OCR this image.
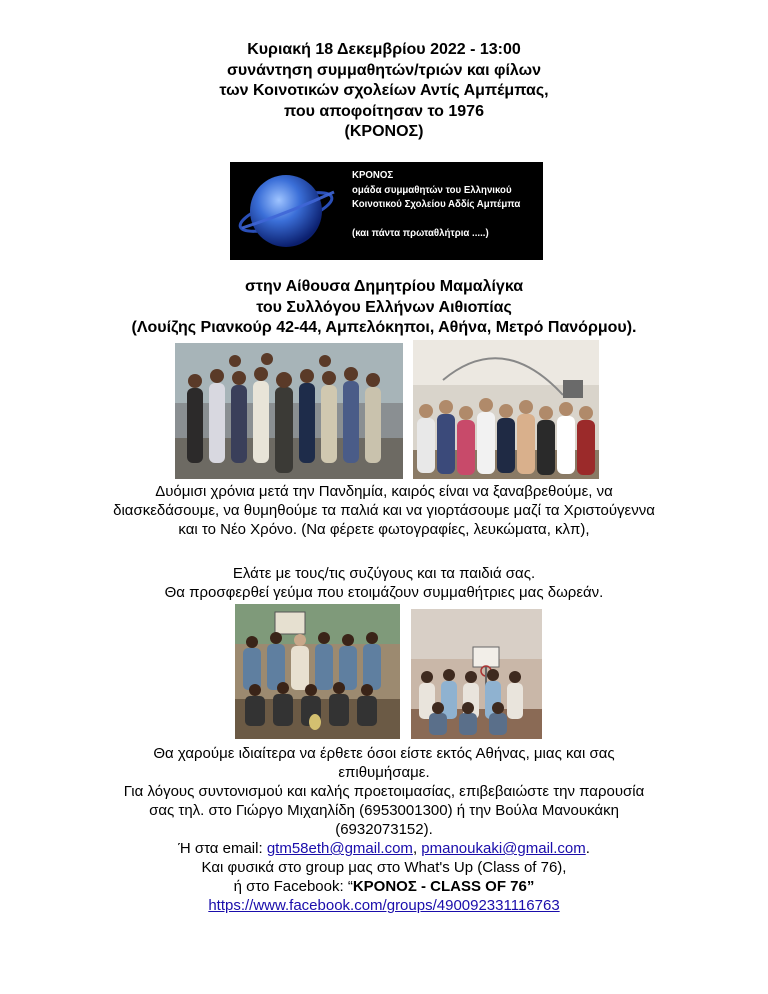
Κυριακή 18 Δεκεμβρίου 2022 - 13:00
συνάντηση συμμαθητών/τριών και φίλων
των Κοινοτικών σχολείων Αντίς Αμπέμπας,
που αποφοίτησαν το 1976
(ΚΡΟΝΟΣ)
ΚΡΟΝΟΣ
ομάδα συμμαθητών του Ελληνικού
Κοινοτικού Σχολείου Αδδίς Αμπέμπα
(και πάντα πρωταθλήτρια .....)
στην Αίθουσα Δημητρίου Μαμαλίγκα
του Συλλόγου Ελλήνων Αιθιοπίας
(Λουίζης Ριανκούρ 42-44, Αμπελόκηποι, Αθήνα, Μετρό Πανόρμου).
Δυόμισι χρόνια μετά την Πανδημία, καιρός είναι να ξαναβρεθούμε, να
διασκεδάσουμε, να θυμηθούμε τα παλιά και να γιορτάσουμε μαζί τα Χριστούγεννα
και το Νέο Χρόνο. (Να φέρετε φωτογραφίες, λευκώματα, κλπ),
Ελάτε με τους/τις συζύγους και τα παιδιά σας.
Θα προσφερθεί γεύμα που ετοιμάζουν συμμαθήτριες μας δωρεάν.
Θα χαρούμε ιδιαίτερα να έρθετε όσοι είστε εκτός Αθήνας, μιας και σας
επιθυμήσαμε.
Για λόγους συντονισμού και καλής προετοιμασίας, επιβεβαιώστε την παρουσία
σας τηλ. στο Γιώργο Μιχαηλίδη (6953001300) ή την Βούλα Μανουκάκη
(6932073152).
Ή στα email: gtm58eth@gmail.com, pmanoukaki@gmail.com.
Και φυσικά στο group μας στο What's Up (Class of 76),
ή στο Facebook: “ΚΡΟΝΟΣ - CLASS OF 76”
https://www.facebook.com/groups/490092331116763
